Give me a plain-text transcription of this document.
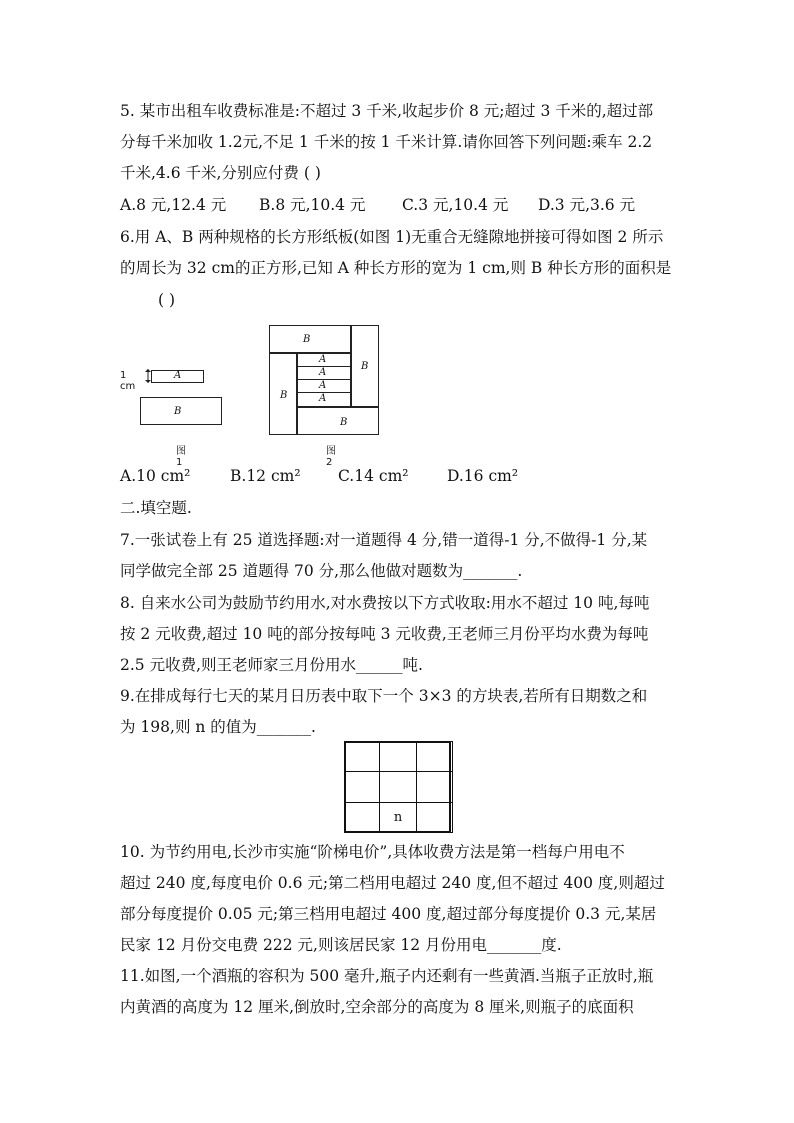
5. 某市出租车收费标准是:不超过 3 千米,收起步价 8 元;超过 3 千米的,超过部
分每千米加收 1.2元,不足 1 千米的按 1 千米计算.请你回答下列问题:乘车 2.2
千米,4.6 千米,分别应付费 ( )
A.8 元,12.4 元 B.8 元,10.4 元 C.3 元,10.4 元 D.3 元,3.6 元
6.用 A、B 两种规格的长方形纸板(如图 1)无重合无缝隙地拼接可得如图 2 所示
的周长为 32 cm的正方形,已知 A 种长方形的宽为 1 cm,则 B 种长方形的面积是
( )
1 cm
A
B
图 1
B
B
B
B
A
A
A
A
图 2
A.10 cm²	B.12 cm² C.14 cm² D.16 cm²
二.填空题.
7.一张试卷上有 25 道选择题:对一道题得 4 分,错一道得-1 分,不做得-1 分,某
同学做完全部 25 道题得 70 分,那么他做对题数为_______.
8. 自来水公司为鼓励节约用水,对水费按以下方式收取:用水不超过 10 吨,每吨
按 2 元收费,超过 10 吨的部分按每吨 3 元收费,王老师三月份平均水费为每吨
2.5 元收费,则王老师家三月份用水______吨.
9.在排成每行七天的某月日历表中取下一个 3×3 的方块表,若所有日期数之和
为 198,则 n 的值为_______.
n
10. 为节约用电,长沙市实施“阶梯电价”,具体收费方法是第一档每户用电不
超过 240 度,每度电价 0.6 元;第二档用电超过 240 度,但不超过 400 度,则超过
部分每度提价 0.05 元;第三档用电超过 400 度,超过部分每度提价 0.3 元,某居
民家 12 月份交电费 222 元,则该居民家 12 月份用电_______度.
11.如图,一个酒瓶的容积为 500 毫升,瓶子内还剩有一些黄酒.当瓶子正放时,瓶
内黄酒的高度为 12 厘米,倒放时,空余部分的高度为 8 厘米,则瓶子的底面积
